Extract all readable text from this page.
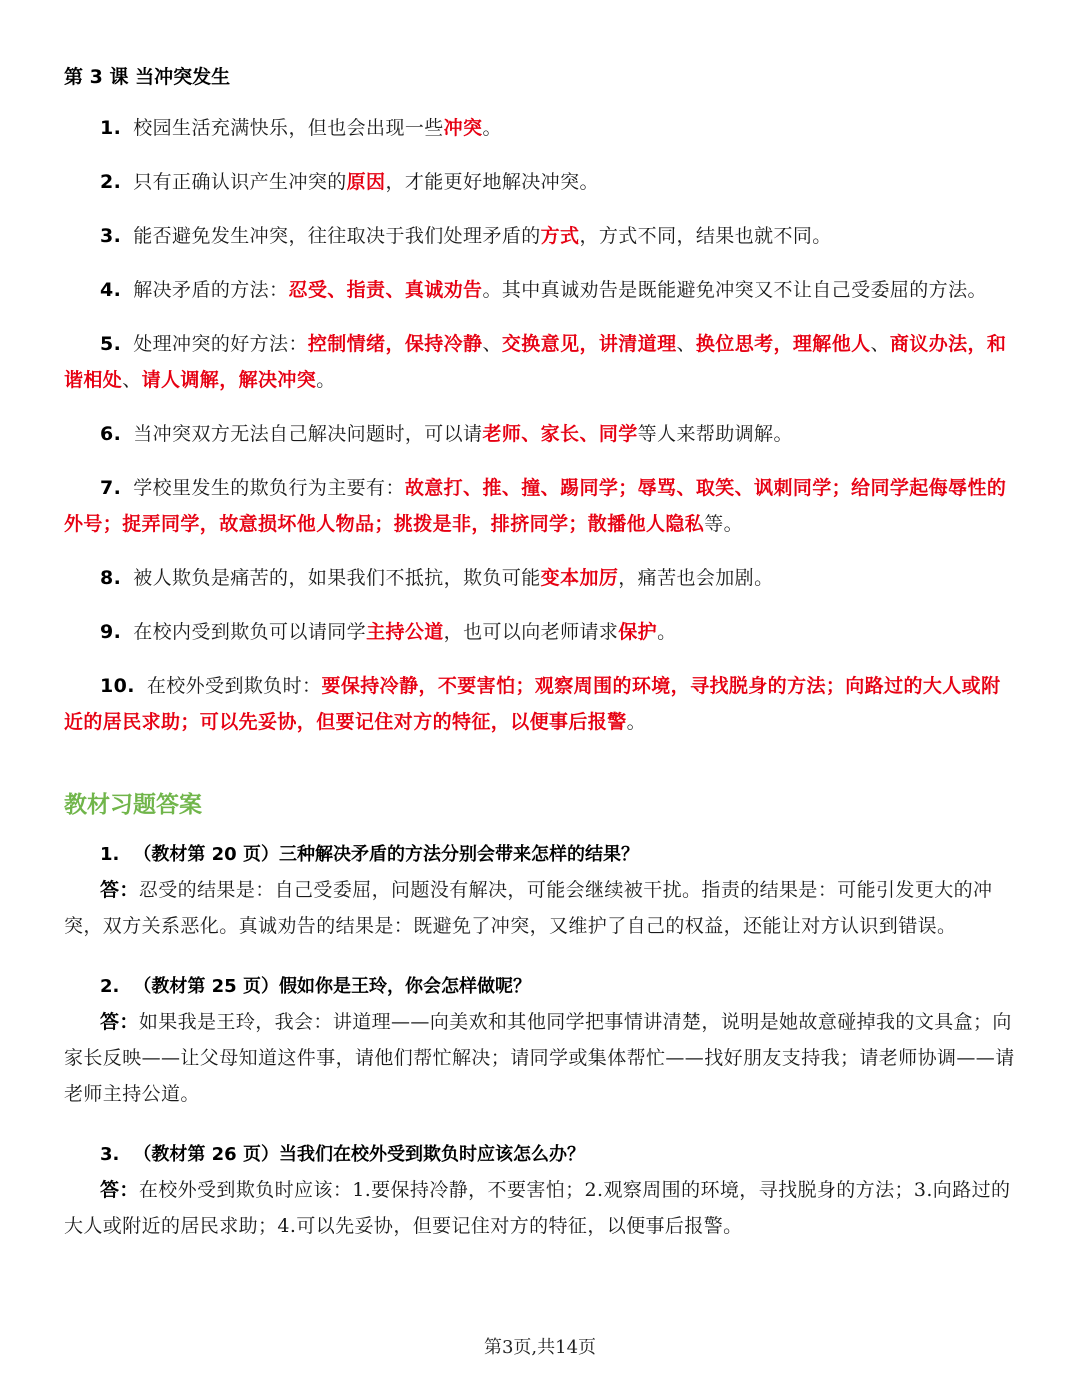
第 3 课 当冲突发生

1. 校园生活充满快乐，但也会出现一些冲突。

2. 只有正确认识产生冲突的原因，才能更好地解决冲突。

3. 能否避免发生冲突，往往取决于我们处理矛盾的方式，方式不同，结果也就不同。

4. 解决矛盾的方法：忍受、指责、真诚劝告。其中真诚劝告是既能避免冲突又不让自己受委屈的方法。

5. 处理冲突的好方法：控制情绪，保持冷静、交换意见，讲清道理、换位思考，理解他人、商议办法，和谐相处、请人调解，解决冲突。

6. 当冲突双方无法自己解决问题时，可以请老师、家长、同学等人来帮助调解。

7. 学校里发生的欺负行为主要有：故意打、推、撞、踢同学；辱骂、取笑、讽刺同学；给同学起侮辱性的外号；捉弄同学，故意损坏他人物品；挑拨是非，排挤同学；散播他人隐私等。

8. 被人欺负是痛苦的，如果我们不抵抗，欺负可能变本加厉，痛苦也会加剧。

9. 在校内受到欺负可以请同学主持公道，也可以向老师请求保护。

10. 在校外受到欺负时：要保持冷静，不要害怕；观察周围的环境，寻找脱身的方法；向路过的大人或附近的居民求助；可以先妥协，但要记住对方的特征，以便事后报警。

教材习题答案

1. （教材第 20 页）三种解决矛盾的方法分别会带来怎样的结果？

答：忍受的结果是：自己受委屈，问题没有解决，可能会继续被干扰。指责的结果是：可能引发更大的冲突，双方关系恶化。真诚劝告的结果是：既避免了冲突，又维护了自己的权益，还能让对方认识到错误。

2. （教材第 25 页）假如你是王玲，你会怎样做呢？

答：如果我是王玲，我会：讲道理——向美欢和其他同学把事情讲清楚，说明是她故意碰掉我的文具盒；向家长反映——让父母知道这件事，请他们帮忙解决；请同学或集体帮忙——找好朋友支持我；请老师协调——请老师主持公道。

3. （教材第 26 页）当我们在校外受到欺负时应该怎么办？

答：在校外受到欺负时应该：1.要保持冷静，不要害怕；2.观察周围的环境，寻找脱身的方法；3.向路过的大人或附近的居民求助；4.可以先妥协，但要记住对方的特征，以便事后报警。

第3页,共14页
